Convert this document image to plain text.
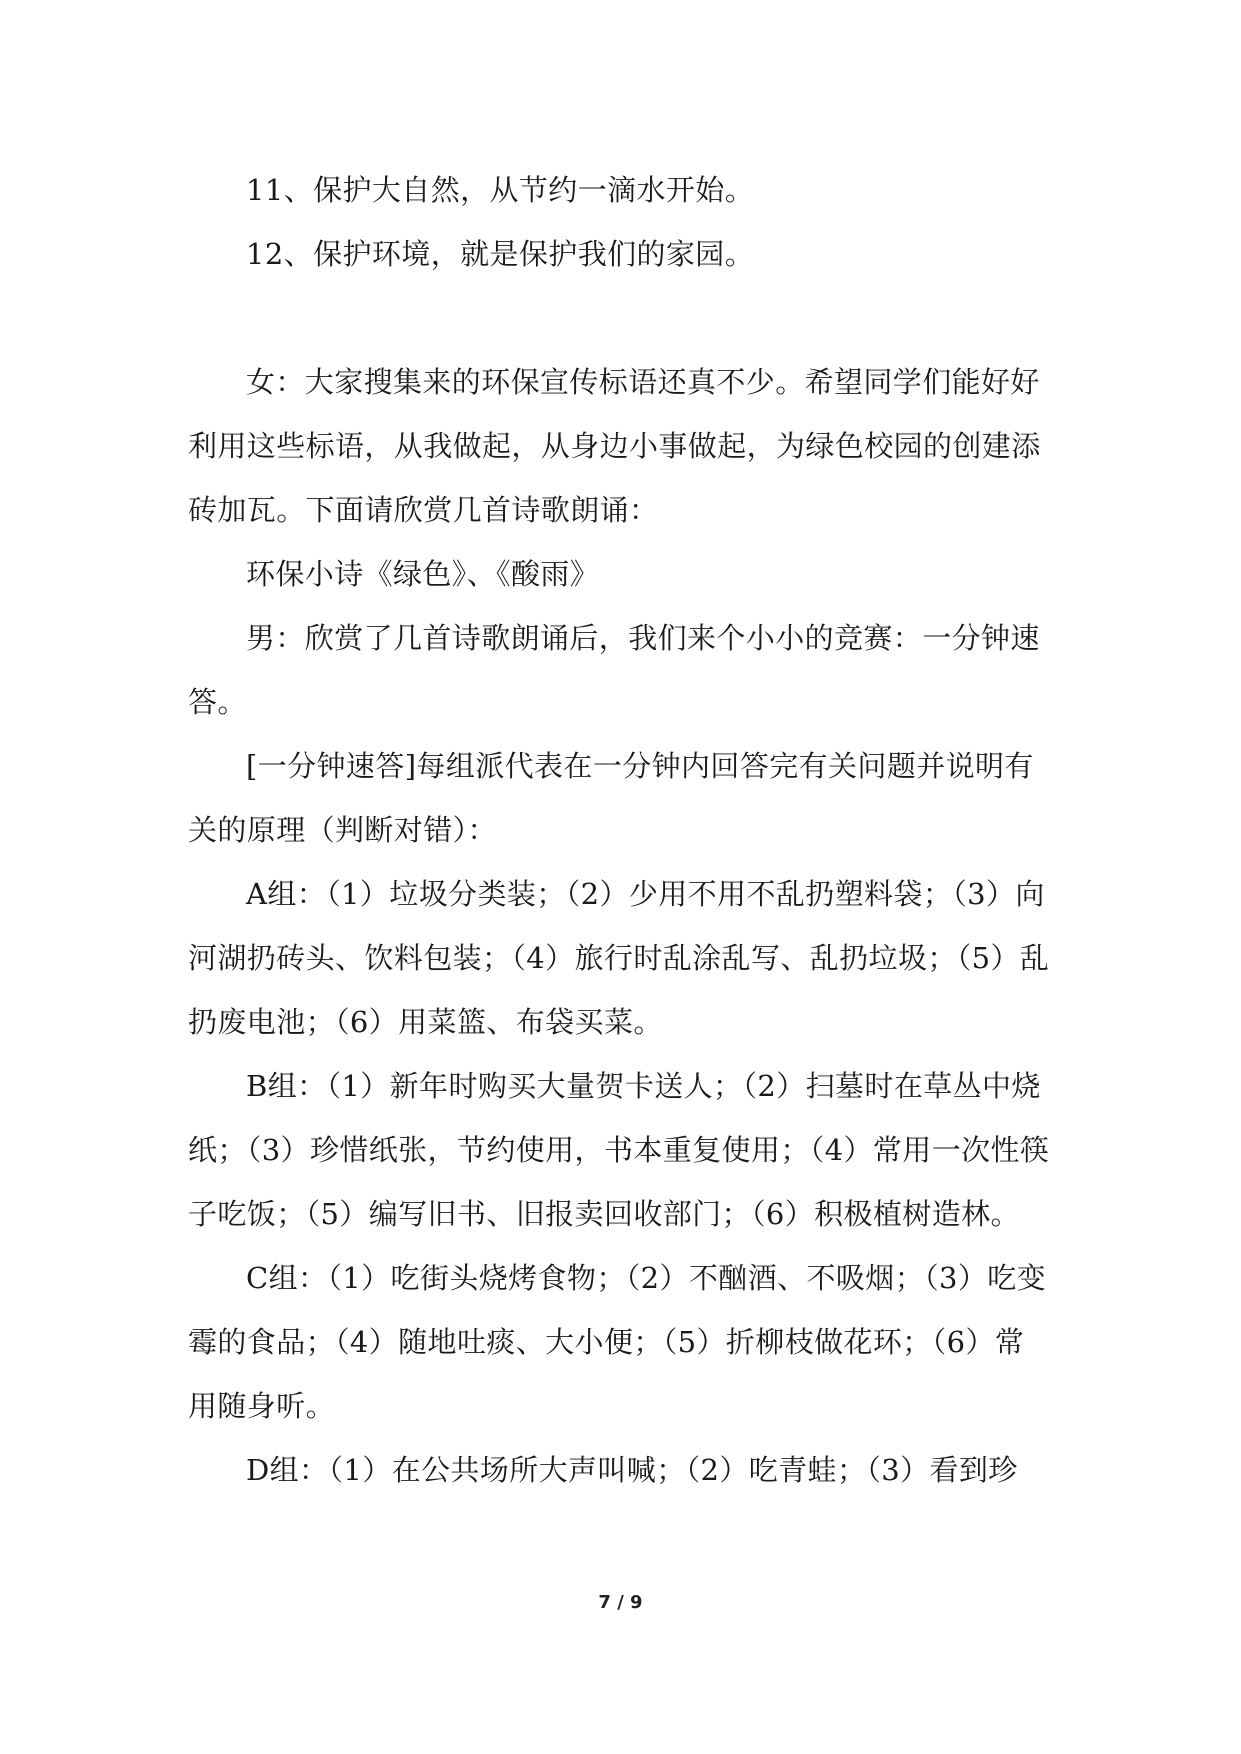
11、保护大自然，从节约一滴水开始。

12、保护环境，就是保护我们的家园。

女：大家搜集来的环保宣传标语还真不少。希望同学们能好好利用这些标语，从我做起，从身边小事做起，为绿色校园的创建添砖加瓦。下面请欣赏几首诗歌朗诵：

环保小诗《绿色》、《酸雨》

男：欣赏了几首诗歌朗诵后，我们来个小小的竞赛：一分钟速答。

[一分钟速答]每组派代表在一分钟内回答完有关问题并说明有关的原理（判断对错）：

A组：（1）垃圾分类装；（2）少用不用不乱扔塑料袋；（3）向河湖扔砖头、饮料包装；（4）旅行时乱涂乱写、乱扔垃圾；（5）乱扔废电池；（6）用菜篮、布袋买菜。

B组：（1）新年时购买大量贺卡送人；（2）扫墓时在草丛中烧纸；（3）珍惜纸张，节约使用，书本重复使用；（4）常用一次性筷子吃饭；（5）编写旧书、旧报卖回收部门；（6）积极植树造林。

C组：（1）吃街头烧烤食物；（2）不酗酒、不吸烟；（3）吃变霉的食品；（4）随地吐痰、大小便；（5）折柳枝做花环；（6）常用随身听。

D组：（1）在公共场所大声叫喊；（2）吃青蛙；（3）看到珍

7 / 9
